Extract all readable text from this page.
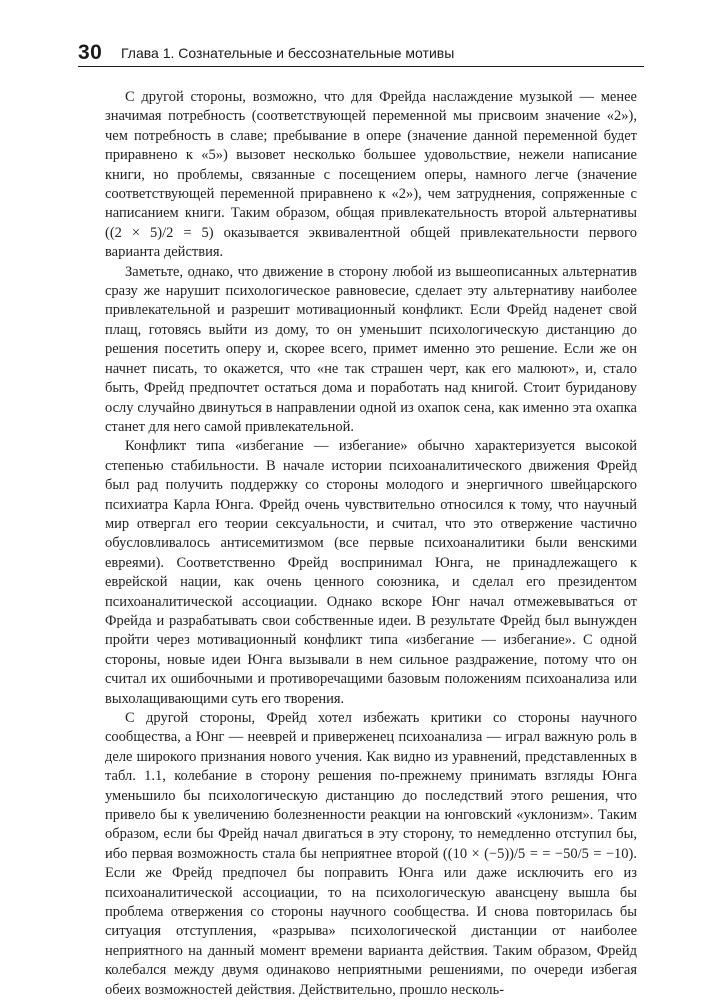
30 Глава 1. Сознательные и бессознательные мотивы

С другой стороны, возможно, что для Фрейда наслаждение музыкой — менее значимая потребность (соответствующей переменной мы присвоим значение «2»), чем потребность в славе; пребывание в опере (значение данной переменной будет приравнено к «5») вызовет несколько большее удовольствие, нежели написание книги, но проблемы, связанные с посещением оперы, намного легче (значение соответствующей переменной приравнено к «2»), чем затруднения, сопряженные с написанием книги. Таким образом, общая привлекательность второй альтернативы ((2 × 5)/2 = 5) оказывается эквивалентной общей привлекательности первого варианта действия.

Заметьте, однако, что движение в сторону любой из вышеописанных альтернатив сразу же нарушит психологическое равновесие, сделает эту альтернативу наиболее привлекательной и разрешит мотивационный конфликт. Если Фрейд наденет свой плащ, готовясь выйти из дому, то он уменьшит психологическую дистанцию до решения посетить оперу и, скорее всего, примет именно это решение. Если же он начнет писать, то окажется, что «не так страшен черт, как его малюют», и, стало быть, Фрейд предпочтет остаться дома и поработать над книгой. Стоит буриданову ослу случайно двинуться в направлении одной из охапок сена, как именно эта охапка станет для него самой привлекательной.

Конфликт типа «избегание — избегание» обычно характеризуется высокой степенью стабильности. В начале истории психоаналитического движения Фрейд был рад получить поддержку со стороны молодого и энергичного швейцарского психиатра Карла Юнга. Фрейд очень чувствительно относился к тому, что научный мир отвергал его теории сексуальности, и считал, что это отвержение частично обусловливалось антисемитизмом (все первые психоаналитики были венскими евреями). Соответственно Фрейд воспринимал Юнга, не принадлежащего к еврейской нации, как очень ценного союзника, и сделал его президентом психоаналитической ассоциации. Однако вскоре Юнг начал отмежевываться от Фрейда и разрабатывать свои собственные идеи. В результате Фрейд был вынужден пройти через мотивационный конфликт типа «избегание — избегание». С одной стороны, новые идеи Юнга вызывали в нем сильное раздражение, потому что он считал их ошибочными и противоречащими базовым положениям психоанализа или выхолащивающими суть его творения.

С другой стороны, Фрейд хотел избежать критики со стороны научного сообщества, а Юнг — нееврей и приверженец психоанализа — играл важную роль в деле широкого признания нового учения. Как видно из уравнений, представленных в табл. 1.1, колебание в сторону решения по-прежнему принимать взгляды Юнга уменьшило бы психологическую дистанцию до последствий этого решения, что привело бы к увеличению болезненности реакции на юнговский «уклонизм». Таким образом, если бы Фрейд начал двигаться в эту сторону, то немедленно отступил бы, ибо первая возможность стала бы неприятнее второй ((10 × (−5))/5 = = −50/5 = −10). Если же Фрейд предпочел бы поправить Юнга или даже исключить его из психоаналитической ассоциации, то на психологическую авансцену вышла бы проблема отвержения со стороны научного сообщества. И снова повторилась бы ситуация отступления, «разрыва» психологической дистанции от наиболее неприятного на данный момент времени варианта действия. Таким образом, Фрейд колебался между двумя одинаково неприятными решениями, по очереди избегая обеих возможностей действия. Действительно, прошло несколь-
